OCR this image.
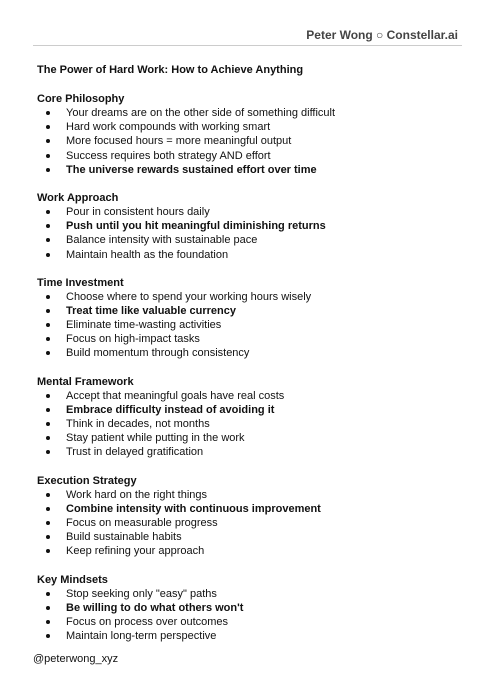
Peter Wong ○ Constellar.ai
The Power of Hard Work: How to Achieve Anything
Core Philosophy
Your dreams are on the other side of something difficult
Hard work compounds with working smart
More focused hours = more meaningful output
Success requires both strategy AND effort
The universe rewards sustained effort over time
Work Approach
Pour in consistent hours daily
Push until you hit meaningful diminishing returns
Balance intensity with sustainable pace
Maintain health as the foundation
Time Investment
Choose where to spend your working hours wisely
Treat time like valuable currency
Eliminate time-wasting activities
Focus on high-impact tasks
Build momentum through consistency
Mental Framework
Accept that meaningful goals have real costs
Embrace difficulty instead of avoiding it
Think in decades, not months
Stay patient while putting in the work
Trust in delayed gratification
Execution Strategy
Work hard on the right things
Combine intensity with continuous improvement
Focus on measurable progress
Build sustainable habits
Keep refining your approach
Key Mindsets
Stop seeking only "easy" paths
Be willing to do what others won't
Focus on process over outcomes
Maintain long-term perspective
@peterwong_xyz
